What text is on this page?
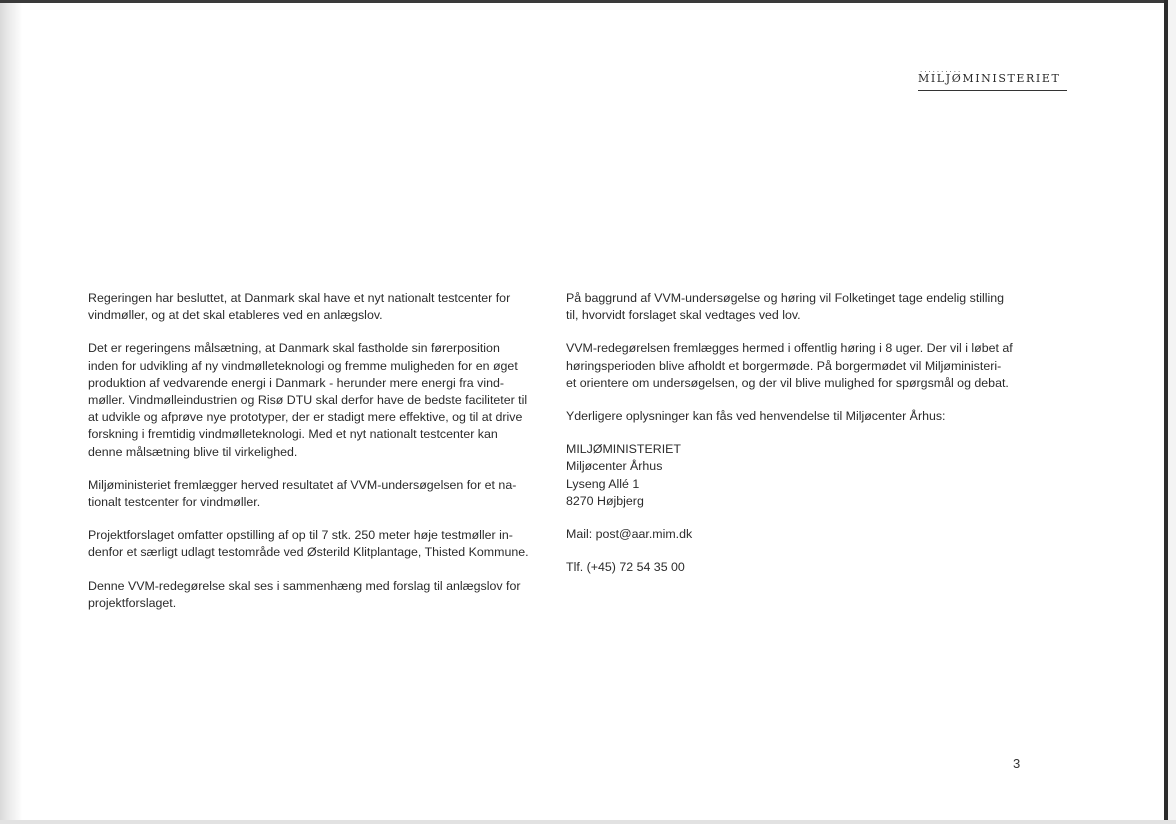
..........
MILJØMINISTERIET

Regeringen har besluttet, at Danmark skal have et nyt nationalt testcenter for
vindmøller, og at det skal etableres ved en anlægslov.

Det er regeringens målsætning, at Danmark skal fastholde sin førerposition
inden for udvikling af ny vindmølleteknologi og fremme muligheden for en øget
produktion af vedvarende energi i Danmark - herunder mere energi fra vind-
møller. Vindmølleindustrien og Risø DTU skal derfor have de bedste faciliteter til
at udvikle og afprøve nye prototyper, der er stadigt mere effektive, og til at drive
forskning i fremtidig vindmølleteknologi. Med et nyt nationalt testcenter kan
denne målsætning blive til virkelighed.

Miljøministeriet fremlægger herved resultatet af VVM-undersøgelsen for et na-
tionalt testcenter for vindmøller.

Projektforslaget omfatter opstilling af op til 7 stk. 250 meter høje testmøller in-
denfor et særligt udlagt testområde ved Østerild Klitplantage, Thisted Kommune.

Denne VVM-redegørelse skal ses i sammenhæng med forslag til anlægslov for
projektforslaget.

På baggrund af VVM-undersøgelse og høring vil Folketinget tage endelig stilling
til, hvorvidt forslaget skal vedtages ved lov.

VVM-redegørelsen fremlægges hermed i offentlig høring i 8 uger. Der vil i løbet af
høringsperioden blive afholdt et borgermøde. På borgermødet vil Miljøministeri-
et orientere om undersøgelsen, og der vil blive mulighed for spørgsmål og debat.

Yderligere oplysninger kan fås ved henvendelse til Miljøcenter Århus:

MILJØMINISTERIET
Miljøcenter Århus
Lyseng Allé 1
8270 Højbjerg

Mail: post@aar.mim.dk

Tlf. (+45) 72 54 35 00

3
